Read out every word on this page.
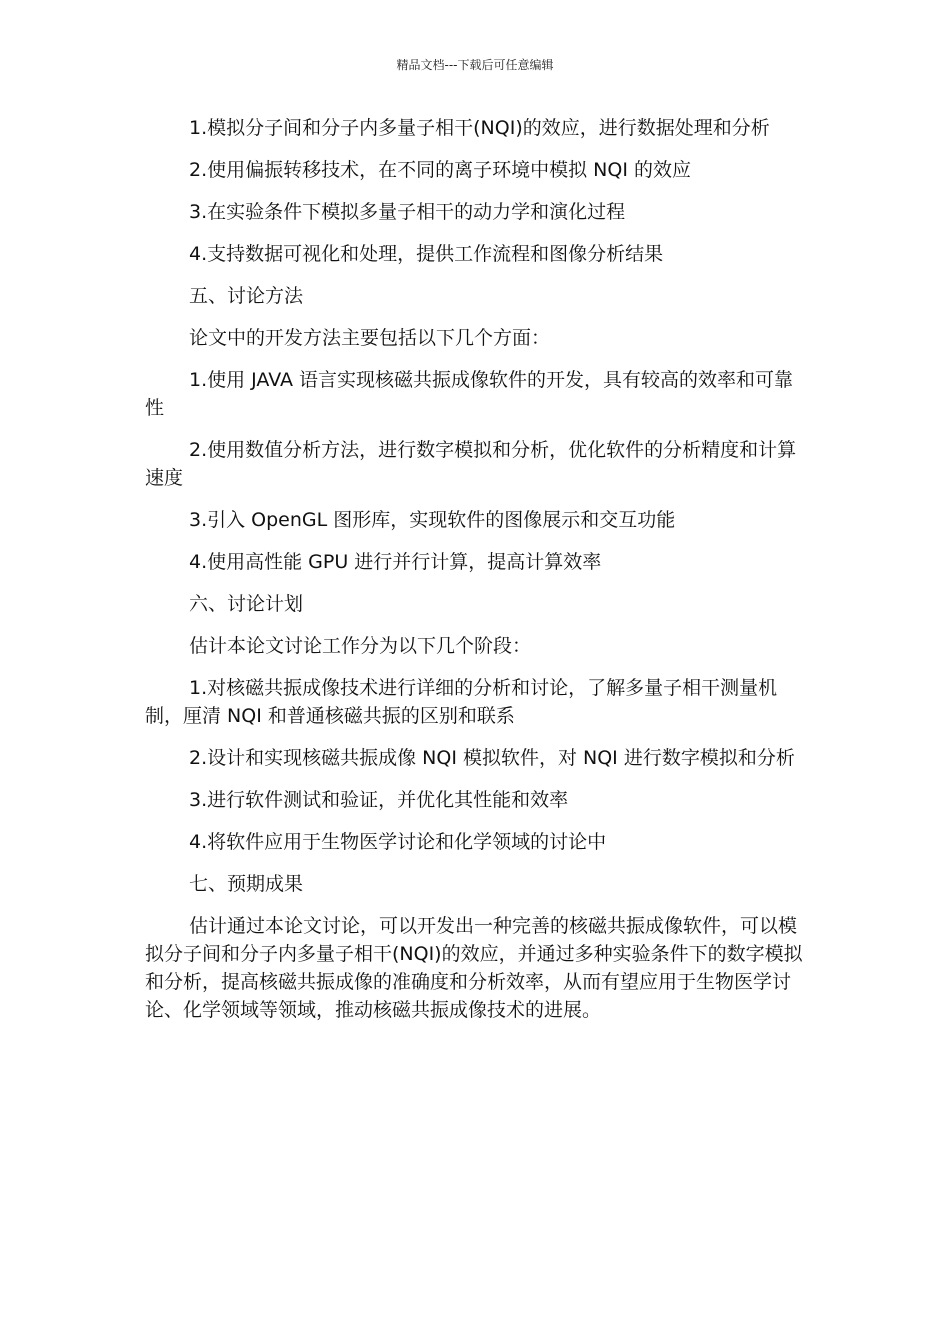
精品文档---下载后可任意编辑

1.模拟分子间和分子内多量子相干(NQI)的效应，进行数据处理和分析

2.使用偏振转移技术，在不同的离子环境中模拟 NQI 的效应

3.在实验条件下模拟多量子相干的动力学和演化过程

4.支持数据可视化和处理，提供工作流程和图像分析结果

五、讨论方法

论文中的开发方法主要包括以下几个方面：

1.使用 JAVA 语言实现核磁共振成像软件的开发，具有较高的效率和可靠性

2.使用数值分析方法，进行数字模拟和分析，优化软件的分析精度和计算速度

3.引入 OpenGL 图形库，实现软件的图像展示和交互功能

4.使用高性能 GPU 进行并行计算，提高计算效率

六、讨论计划

估计本论文讨论工作分为以下几个阶段：

1.对核磁共振成像技术进行详细的分析和讨论，了解多量子相干测量机制，厘清 NQI 和普通核磁共振的区别和联系

2.设计和实现核磁共振成像 NQI 模拟软件，对 NQI 进行数字模拟和分析

3.进行软件测试和验证，并优化其性能和效率

4.将软件应用于生物医学讨论和化学领域的讨论中

七、预期成果

估计通过本论文讨论，可以开发出一种完善的核磁共振成像软件，可以模拟分子间和分子内多量子相干(NQI)的效应，并通过多种实验条件下的数字模拟和分析，提高核磁共振成像的准确度和分析效率，从而有望应用于生物医学讨论、化学领域等领域，推动核磁共振成像技术的进展。
